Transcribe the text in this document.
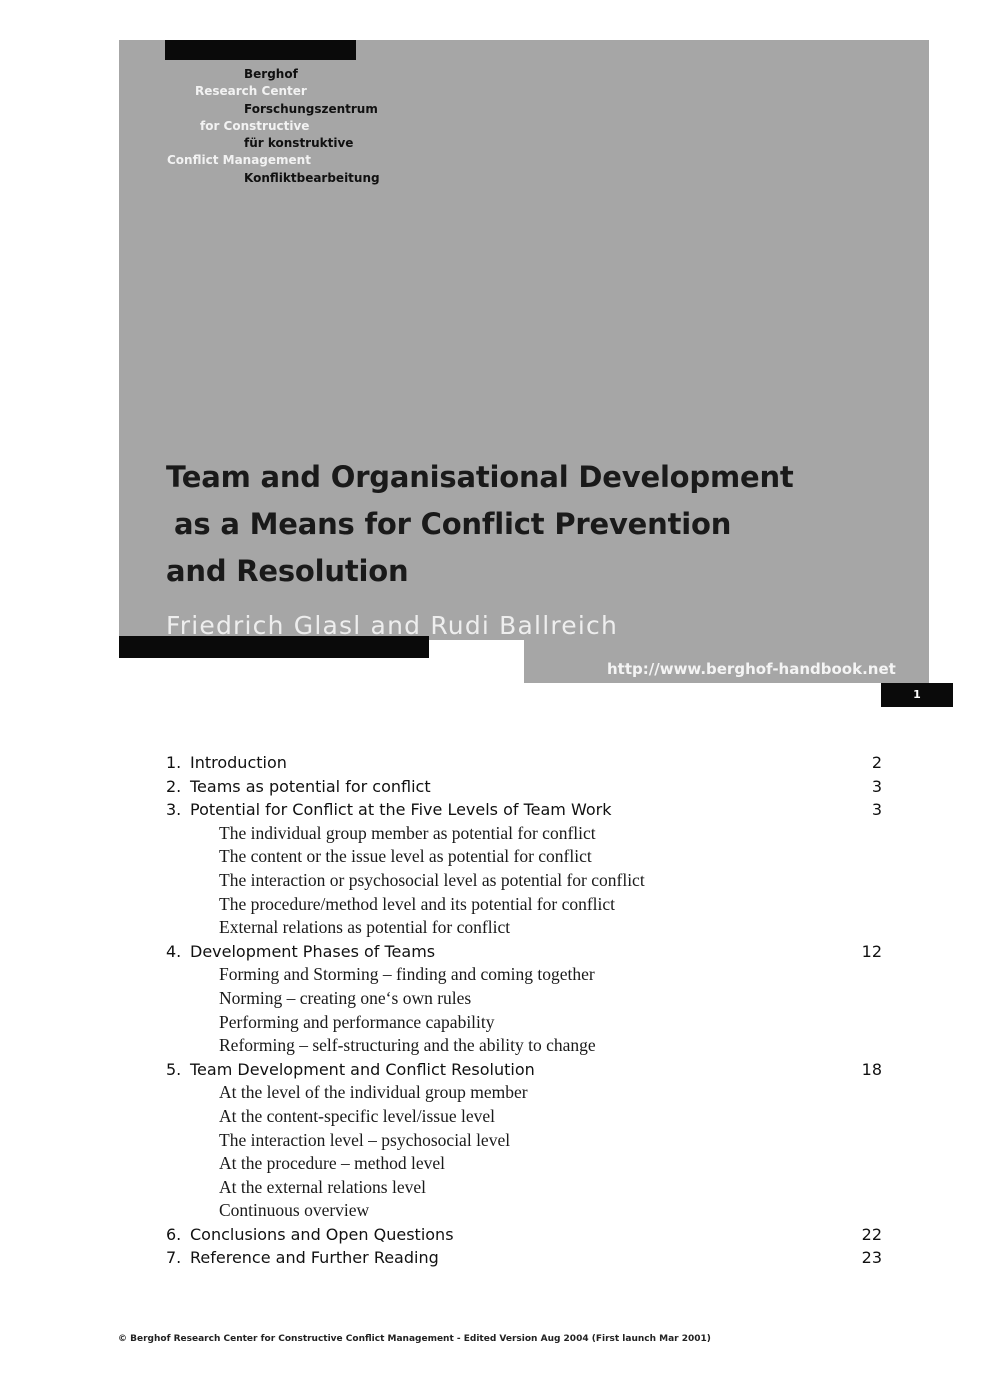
Berghof
Research Center
Forschungszentrum
for Constructive
für konstruktive
Conflict Management
Konfliktbearbeitung
Team and Organisational Development
as a Means for Conflict Prevention
and Resolution

Friedrich Glasl and Rudi Ballreich

http://www.berghof-handbook.net
1
1. Introduction	2
2. Teams as potential for conflict	3
3. Potential for Conflict at the Five Levels of Team Work	3
The individual group member as potential for conflict
The content or the issue level as potential for conflict
The interaction or psychosocial level as potential for conflict
The procedure/method level and its potential for conflict
External relations as potential for conflict
4. Development Phases of Teams	12
Forming and Storming – finding and coming together
Norming – creating one‘s own rules
Performing and performance capability
Reforming – self-structuring and the ability to change
5. Team Development and Conflict Resolution	18
At the level of the individual group member
At the content-specific level/issue level
The interaction level – psychosocial level
At the procedure – method level
At the external relations level
Continuous overview
6. Conclusions and Open Questions	22
7. Reference and Further Reading	23
© Berghof Research Center for Constructive Conflict Management - Edited Version Aug 2004 (First launch Mar 2001)
